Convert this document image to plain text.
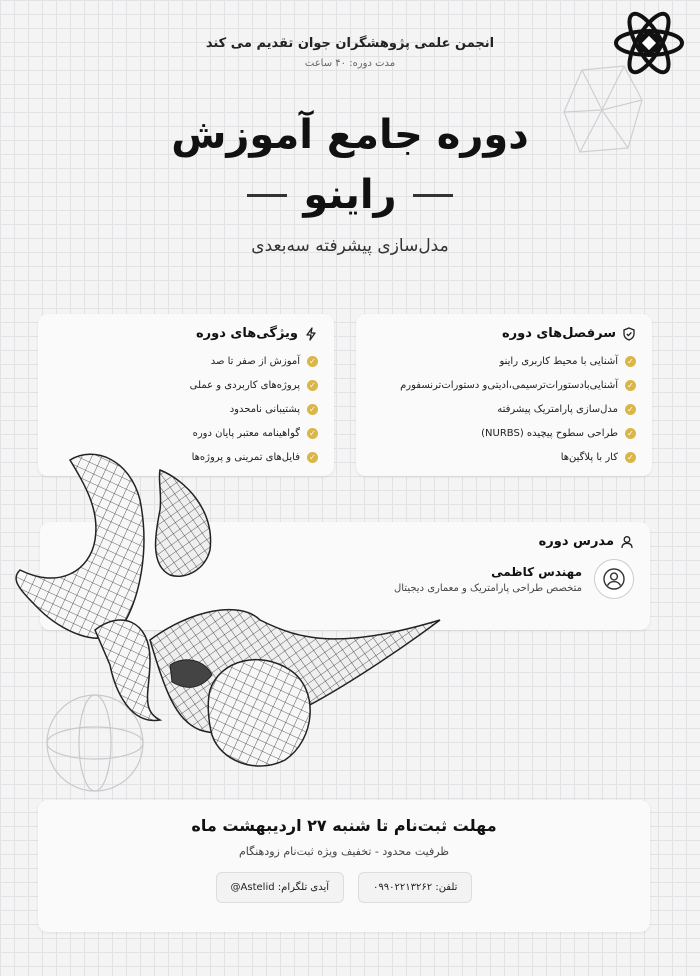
انجمن علمی پژوهشگران جوان تقدیم می کند
مدت دوره: ۴۰ ساعت
دوره جامع آموزش
راینو
مدل‌سازی پیشرفته سه‌بعدی
سرفصل‌های دوره
✓
آشنایی با محیط کاربری راینو
✓
آشنایی‌با‌دستورات‌ترسیمی،‌ادیتی‌و دستورات‌ترنسفورم
✓
مدل‌سازی پارامتریک پیشرفته
✓
طراحی سطوح پیچیده (NURBS)
✓
کار با پلاگین‌ها
ویژگی‌های دوره
✓
آموزش از صفر تا صد
✓
پروژه‌های کاربردی و عملی
✓
پشتیبانی نامحدود
✓
گواهینامه معتبر پایان دوره
✓
فایل‌های تمرینی و پروژه‌ها
مدرس دوره
مهندس کاظمی
متخصص طراحی پارامتریک و معماری دیجیتال
مهلت ثبت‌نام تا شنبه ۲۷ اردیبهشت ماه
ظرفیت محدود - تخفیف ویژه ثبت‌نام زودهنگام
تلفن: ۰۹۹۰۲۲۱۳۲۶۲
آیدی تلگرام: Astelid@
